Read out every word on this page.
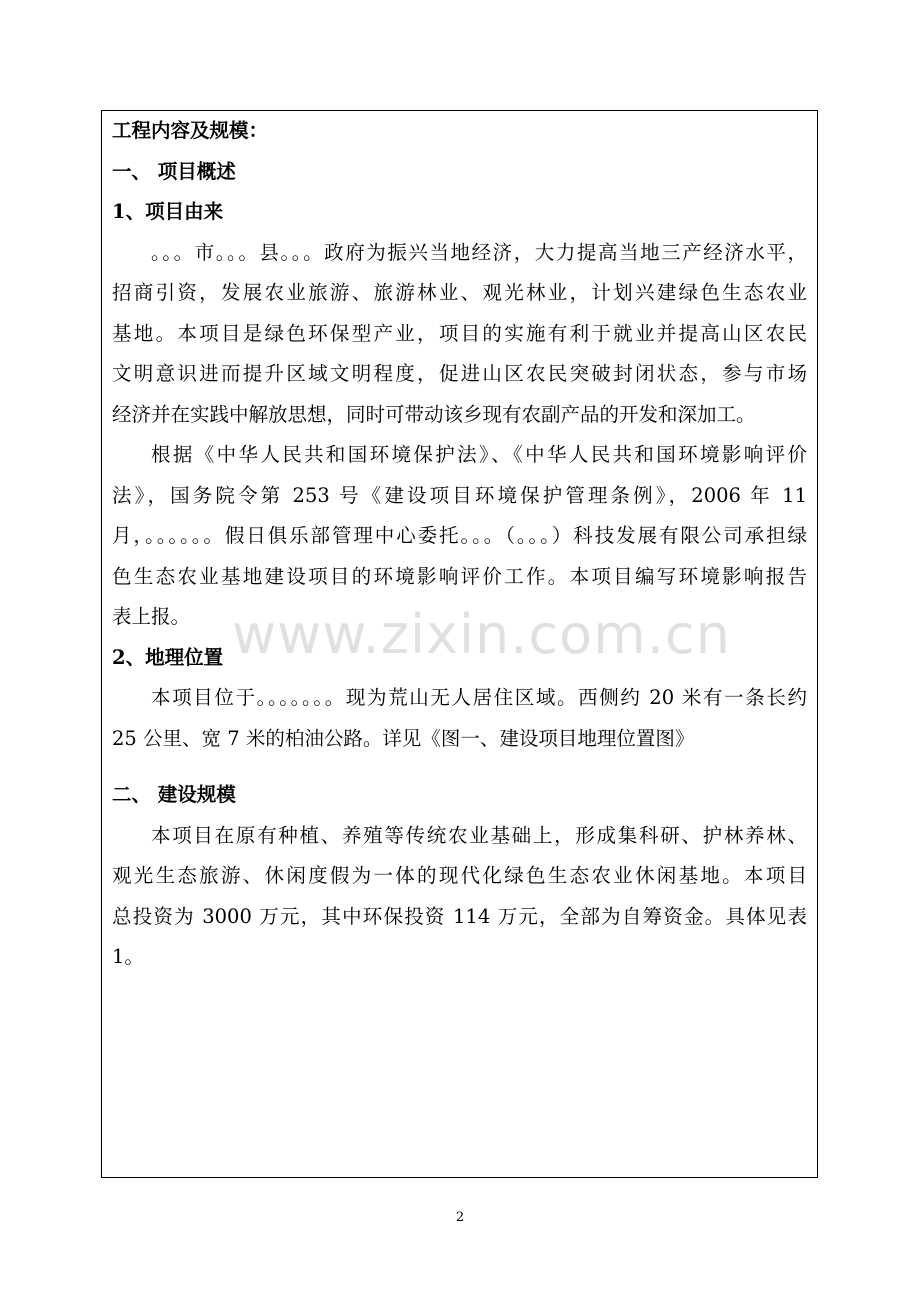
工程内容及规模：
一、 项目概述
1、项目由来
。。。市。。。县。。。政府为振兴当地经济，大力提高当地三产经济水平，
招商引资，发展农业旅游、旅游林业、观光林业，计划兴建绿色生态农业
基地。本项目是绿色环保型产业，项目的实施有利于就业并提高山区农民
文明意识进而提升区域文明程度，促进山区农民突破封闭状态，参与市场
经济并在实践中解放思想，同时可带动该乡现有农副产品的开发和深加工。
根据《中华人民共和国环境保护法》、《中华人民共和国环境影响评价
法》，国务院令第 253 号《建设项目环境保护管理条例》，2006 年 11
月，。。。。。。假日俱乐部管理中心委托。。。（。。。）科技发展有限公司承担绿
色生态农业基地建设项目的环境影响评价工作。本项目编写环境影响报告
表上报。
2、地理位置
本项目位于。。。。。。。现为荒山无人居住区域。西侧约 20 米有一条长约
25 公里、宽 7 米的柏油公路。详见《图一、建设项目地理位置图》
二、 建设规模
本项目在原有种植、养殖等传统农业基础上，形成集科研、护林养林、
观光生态旅游、休闲度假为一体的现代化绿色生态农业休闲基地。本项目
总投资为 3000 万元，其中环保投资 114 万元，全部为自筹资金。具体见表
1。
www.zixin.com.cn
2
